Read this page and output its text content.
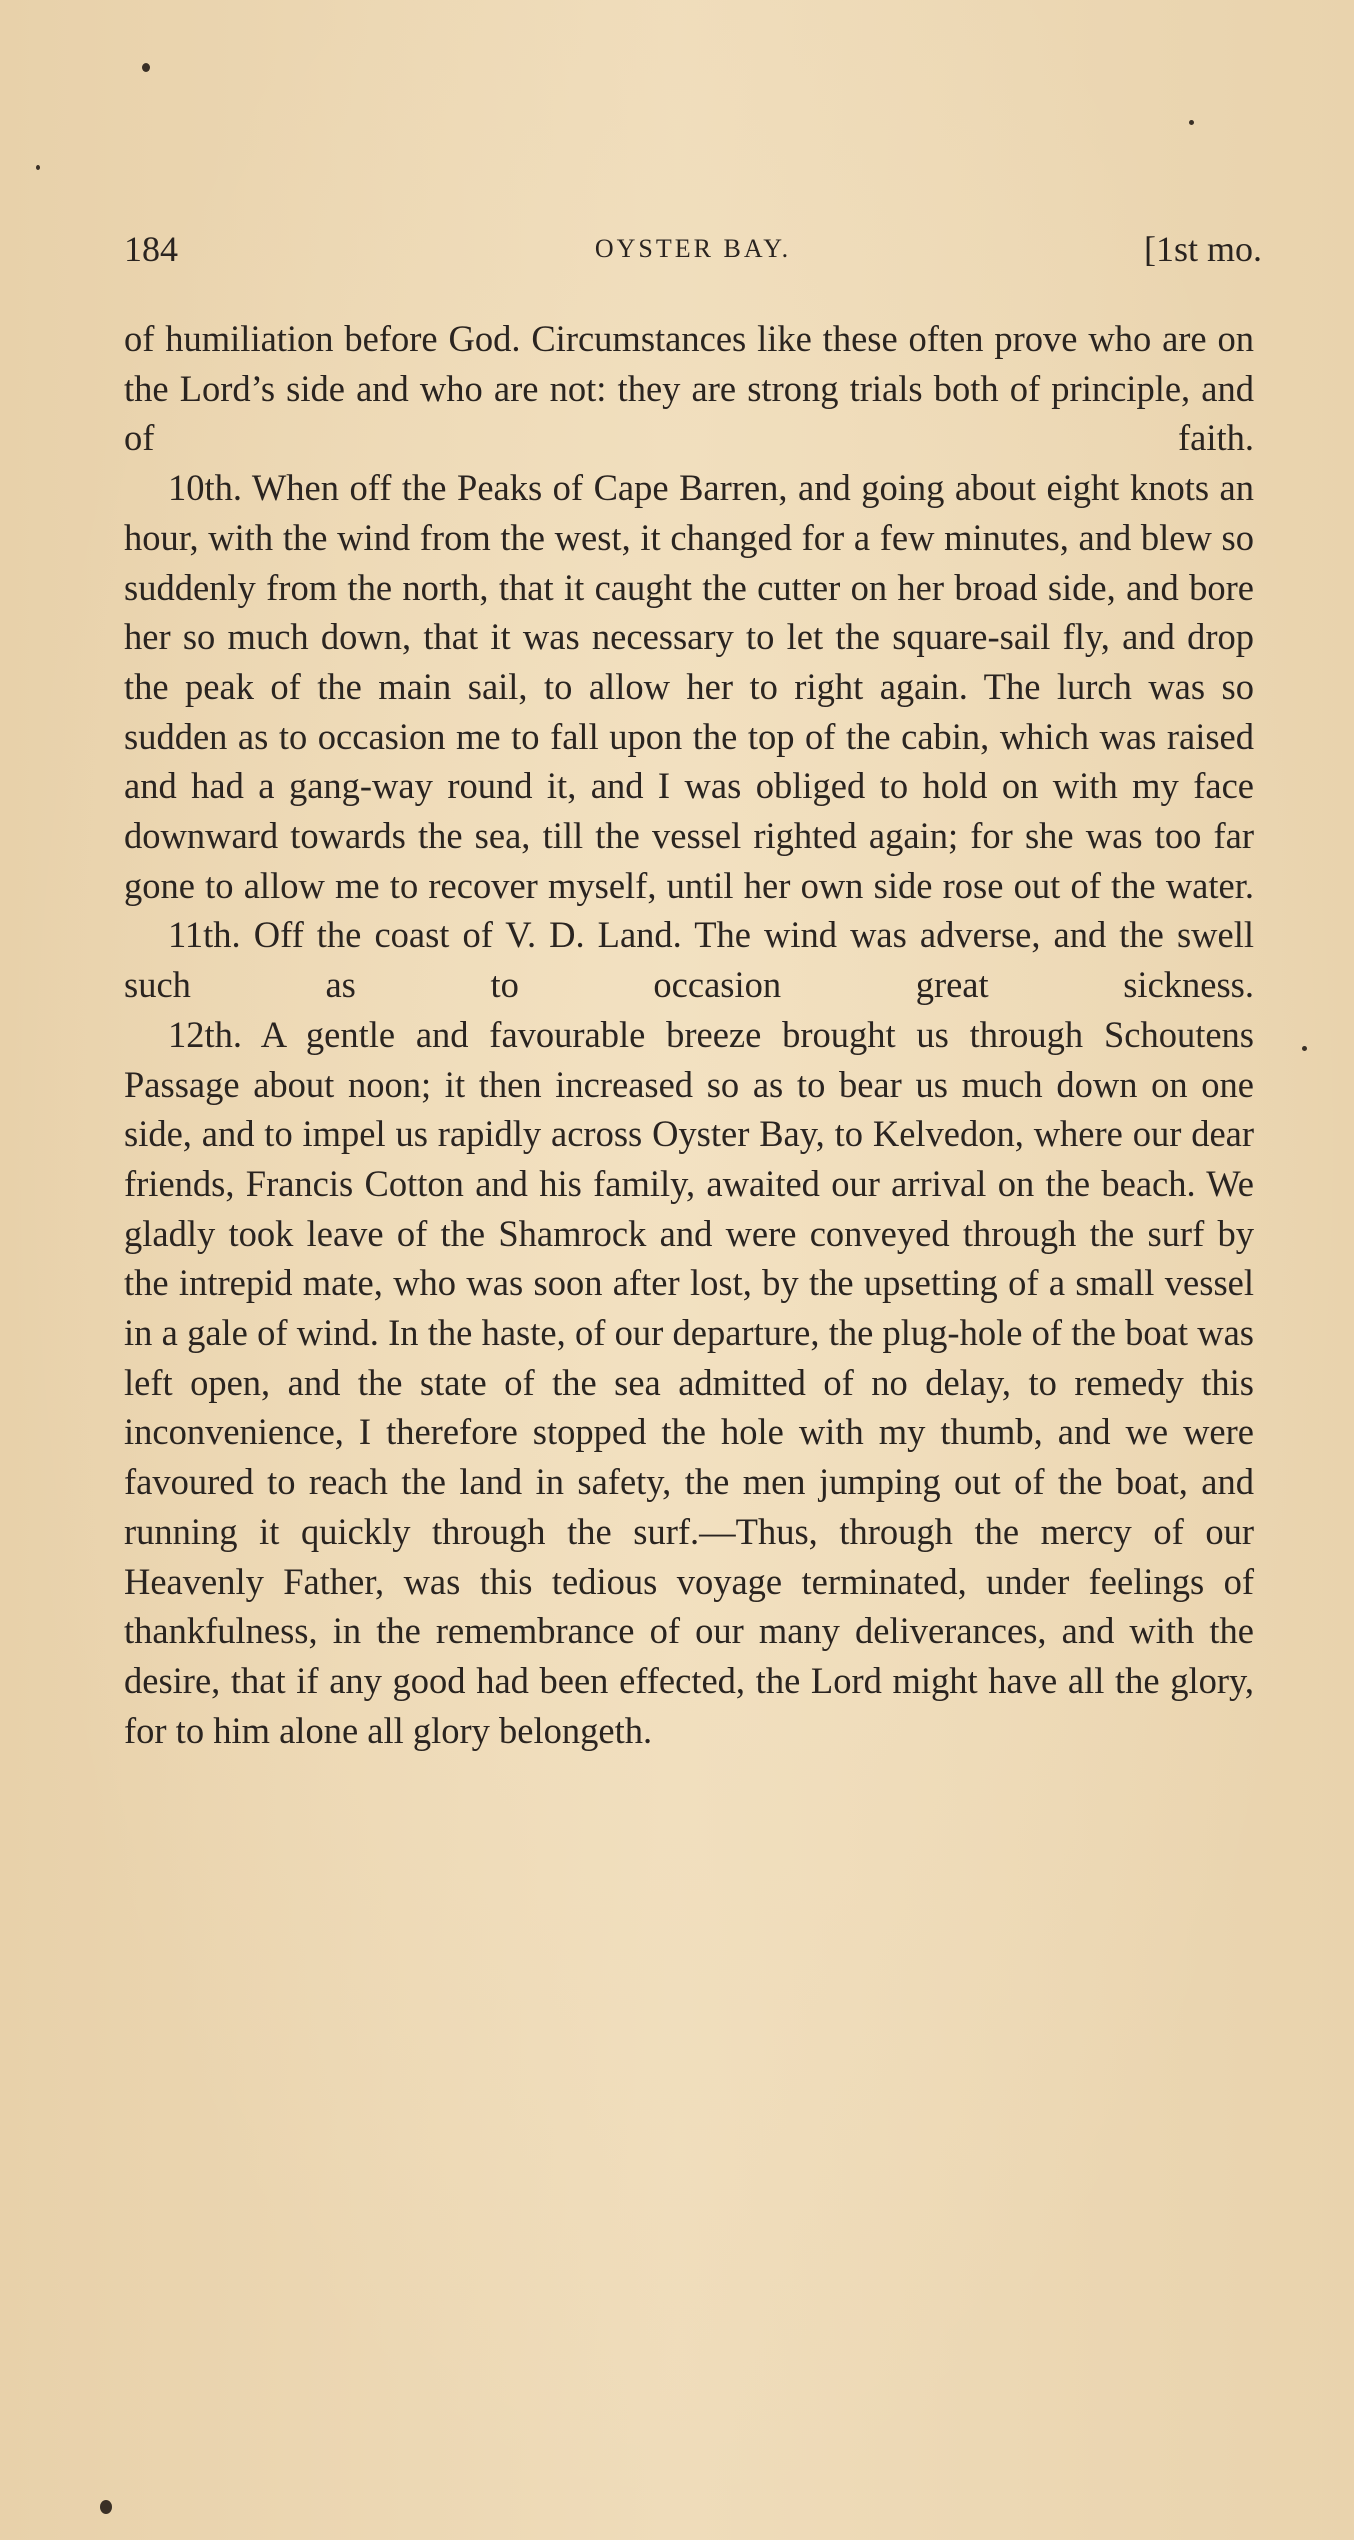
184	OYSTER BAY.	[1st mo.

of humiliation before God. Circumstances like these often prove who are on the Lord’s side and who are not: they are strong trials both of principle, and of faith.

10th. When off the Peaks of Cape Barren, and going about eight knots an hour, with the wind from the west, it changed for a few minutes, and blew so suddenly from the north, that it caught the cutter on her broad side, and bore her so much down, that it was necessary to let the square-sail fly, and drop the peak of the main sail, to allow her to right again. The lurch was so sudden as to occasion me to fall upon the top of the cabin, which was raised and had a gang-way round it, and I was obliged to hold on with my face downward towards the sea, till the vessel righted again; for she was too far gone to allow me to recover myself, until her own side rose out of the water.

11th. Off the coast of V. D. Land. The wind was adverse, and the swell such as to occasion great sickness.

12th. A gentle and favourable breeze brought us through Schoutens Passage about noon; it then increased so as to bear us much down on one side, and to impel us rapidly across Oyster Bay, to Kelvedon, where our dear friends, Francis Cotton and his family, awaited our arrival on the beach. We gladly took leave of the Shamrock and were conveyed through the surf by the intrepid mate, who was soon after lost, by the upsetting of a small vessel in a gale of wind. In the haste, of our departure, the plug-hole of the boat was left open, and the state of the sea admitted of no delay, to remedy this inconvenience, I therefore stopped the hole with my thumb, and we were favoured to reach the land in safety, the men jumping out of the boat, and running it quickly through the surf.—Thus, through the mercy of our Heavenly Father, was this tedious voyage terminated, under feelings of thankfulness, in the remembrance of our many deliverances, and with the desire, that if any good had been effected, the Lord might have all the glory, for to him alone all glory belongeth.
